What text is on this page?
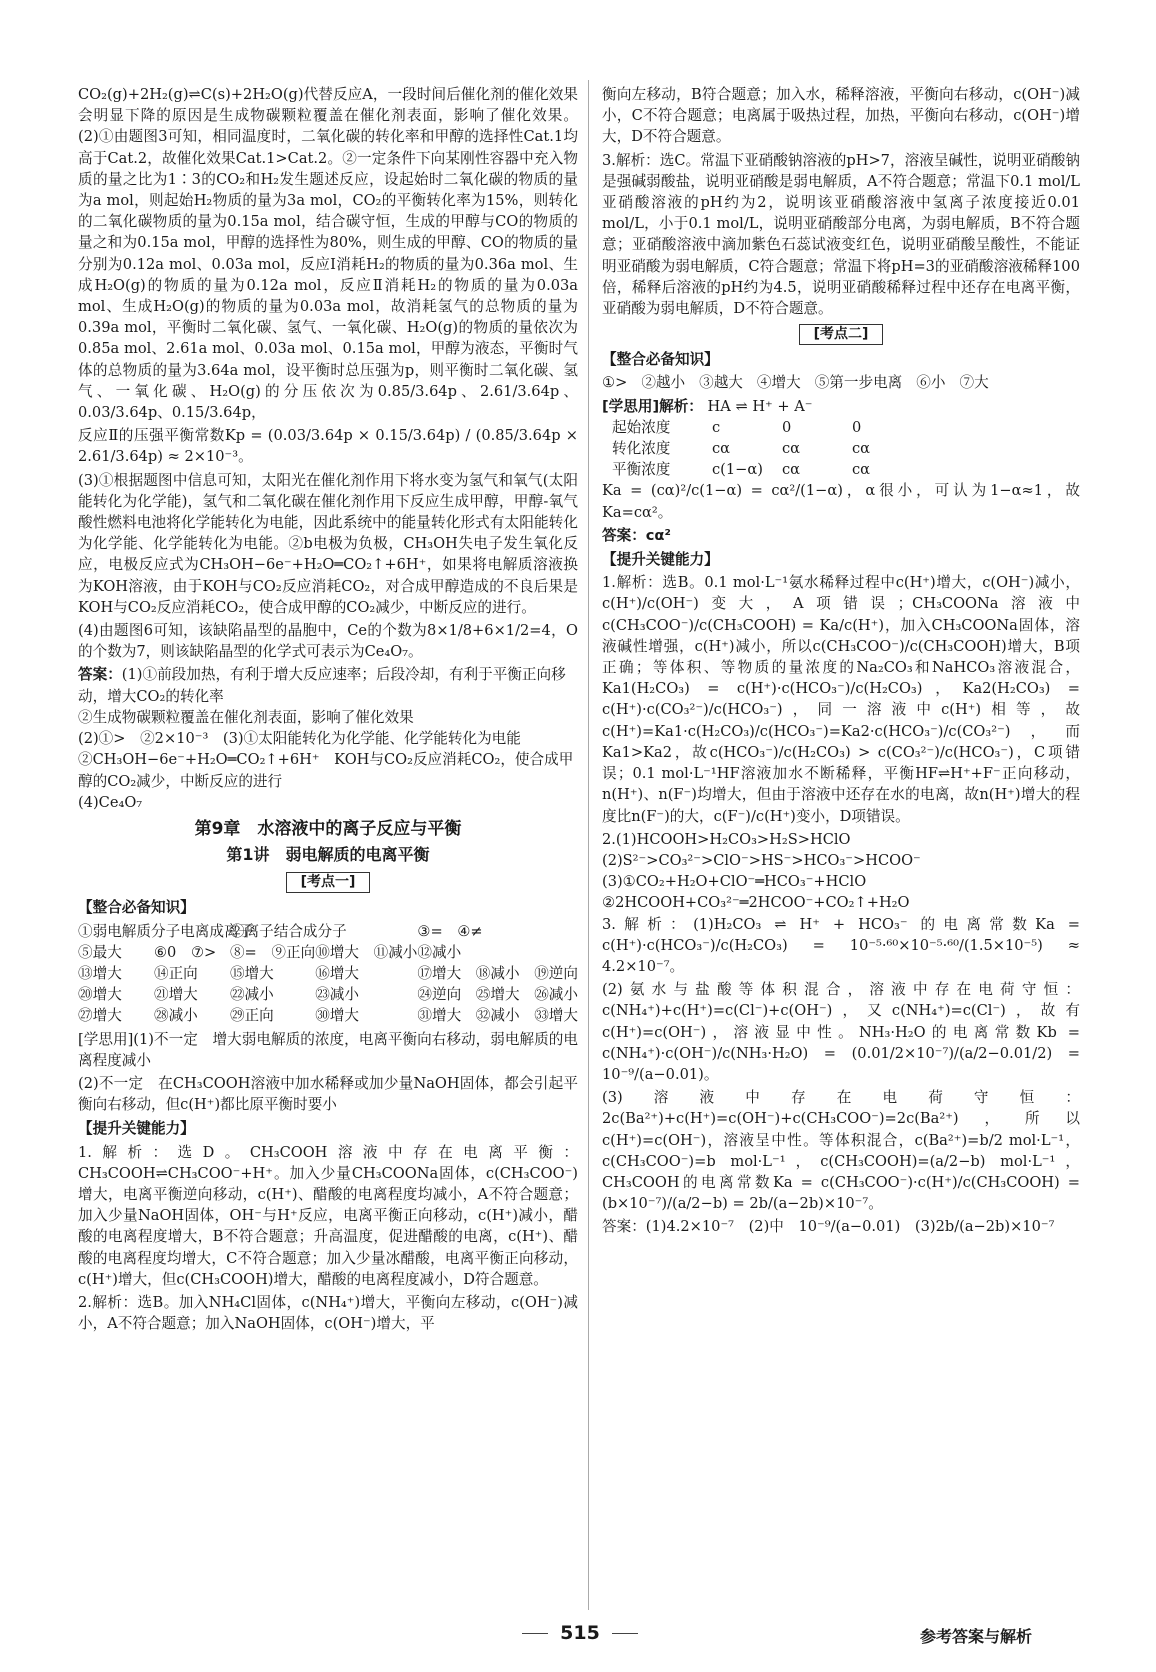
CO₂(g)+2H₂(g)⇌C(s)+2H₂O(g)代替反应A，一段时间后催化剂的催化效果会明显下降的原因是生成物碳颗粒覆盖在催化剂表面，影响了催化效果。(2)①由题图3可知，相同温度时，二氧化碳的转化率和甲醇的选择性Cat.1均高于Cat.2，故催化效果Cat.1>Cat.2。②一定条件下向某刚性容器中充入物质的量之比为1∶3的CO₂和H₂发生题述反应，设起始时二氧化碳的物质的量为a mol，则起始H₂物质的量为3a mol，CO₂的平衡转化率为15%，则转化的二氧化碳物质的量为0.15a mol，结合碳守恒，生成的甲醇与CO的物质的量之和为0.15a mol，甲醇的选择性为80%，则生成的甲醇、CO的物质的量分别为0.12a mol、0.03a mol，反应Ⅰ消耗H₂的物质的量为0.36a mol、生成H₂O(g)的物质的量为0.12a mol，反应Ⅱ消耗H₂的物质的量为0.03a mol、生成H₂O(g)的物质的量为0.03a mol，故消耗氢气的总物质的量为0.39a mol，平衡时二氧化碳、氢气、一氧化碳、H₂O(g)的物质的量依次为0.85a mol、2.61a mol、0.03a mol、0.15a mol，甲醇为液态，平衡时气体的总物质的量为3.64a mol，设平衡时总压强为p，则平衡时二氧化碳、氢气、一氧化碳、H₂O(g)的分压依次为0.85/3.64p、2.61/3.64p、0.03/3.64p、0.15/3.64p，

反应Ⅱ的压强平衡常数Kp = (0.03/3.64p × 0.15/3.64p) / (0.85/3.64p × 2.61/3.64p) ≈ 2×10⁻³。

(3)①根据题图中信息可知，太阳光在催化剂作用下将水变为氢气和氧气(太阳能转化为化学能)，氢气和二氧化碳在催化剂作用下反应生成甲醇，甲醇-氧气酸性燃料电池将化学能转化为电能，因此系统中的能量转化形式有太阳能转化为化学能、化学能转化为电能。②b电极为负极，CH₃OH失电子发生氧化反应，电极反应式为CH₃OH−6e⁻+H₂O═CO₂↑+6H⁺，如果将电解质溶液换为KOH溶液，由于KOH与CO₂反应消耗CO₂，对合成甲醇造成的不良后果是KOH与CO₂反应消耗CO₂，使合成甲醇的CO₂减少，中断反应的进行。

(4)由题图6可知，该缺陷晶型的晶胞中，Ce的个数为8×1/8+6×1/2=4，O的个数为7，则该缺陷晶型的化学式可表示为Ce₄O₇。

答案：(1)①前段加热，有利于增大反应速率；后段冷却，有利于平衡正向移动，增大CO₂的转化率
②生成物碳颗粒覆盖在催化剂表面，影响了催化效果
(2)①>　②2×10⁻³　(3)①太阳能转化为化学能、化学能转化为电能　②CH₃OH−6e⁻+H₂O═CO₂↑+6H⁺　KOH与CO₂反应消耗CO₂，使合成甲醇的CO₂减少，中断反应的进行
(4)Ce₄O₇
第9章　水溶液中的离子反应与平衡
第1讲　弱电解质的电离平衡
[考点一]
【整合必备知识】
①弱电解质分子电离成离子
②离子结合成分子	③=　 ④≠
⑤最大	⑥0　 ⑦> ⑧=　 ⑨正向 ⑩增大　 ⑪减小 ⑫减小
⑬增大	⑭正向	⑮增大	⑯增大	⑰增大　 ⑱减小　 ⑲逆向
⑳增大	㉑增大	㉒减小	㉓减小	㉔逆向　 ㉕增大　 ㉖减小
㉗增大	㉘减小	㉙正向	㉚增大	㉛增大　 ㉜减小　 ㉝增大

[学思用](1)不一定　增大弱电解质的浓度，电离平衡向右移动，弱电解质的电离程度减小

(2)不一定　在CH₃COOH溶液中加水稀释或加少量NaOH固体，都会引起平衡向右移动，但c(H⁺)都比原平衡时要小

【提升关键能力】

1.解析：选D。CH₃COOH溶液中存在电离平衡：CH₃COOH⇌CH₃COO⁻+H⁺。加入少量CH₃COONa固体，c(CH₃COO⁻)增大，电离平衡逆向移动，c(H⁺)、醋酸的电离程度均减小，A不符合题意；加入少量NaOH固体，OH⁻与H⁺反应，电离平衡正向移动，c(H⁺)减小，醋酸的电离程度增大，B不符合题意；升高温度，促进醋酸的电离，c(H⁺)、醋酸的电离程度均增大，C不符合题意；加入少量冰醋酸，电离平衡正向移动，c(H⁺)增大，但c(CH₃COOH)增大，醋酸的电离程度减小，D符合题意。

2.解析：选B。加入NH₄Cl固体，c(NH₄⁺)增大，平衡向左移动，c(OH⁻)减小，A不符合题意；加入NaOH固体，c(OH⁻)增大，平

衡向左移动，B符合题意；加入水，稀释溶液，平衡向右移动，c(OH⁻)减小，C不符合题意；电离属于吸热过程，加热，平衡向右移动，c(OH⁻)增大，D不符合题意。

3.解析：选C。常温下亚硝酸钠溶液的pH>7，溶液呈碱性，说明亚硝酸钠是强碱弱酸盐，说明亚硝酸是弱电解质，A不符合题意；常温下0.1 mol/L亚硝酸溶液的pH约为2，说明该亚硝酸溶液中氢离子浓度接近0.01 mol/L，小于0.1 mol/L，说明亚硝酸部分电离，为弱电解质，B不符合题意；亚硝酸溶液中滴加紫色石蕊试液变红色，说明亚硝酸呈酸性，不能证明亚硝酸为弱电解质，C符合题意；常温下将pH=3的亚硝酸溶液稀释100倍，稀释后溶液的pH约为4.5，说明亚硝酸稀释过程中还存在电离平衡，亚硝酸为弱电解质，D不符合题意。

[考点二]
【整合必备知识】
①> ②越小 ③越大 ④增大 ⑤第一步电离 ⑥小 ⑦大
[学思用]解析： HA ⇌ H⁺ + A⁻
起始浓度	c	0	0
转化浓度	cα	cα	cα
平衡浓度	c(1−α)	cα	cα

Ka = (cα)²/c(1−α) = cα²/(1−α)，α很小，可认为1−α≈1，故Ka=cα²。

答案：cα²

【提升关键能力】

1.解析：选B。0.1 mol·L⁻¹氨水稀释过程中c(H⁺)增大，c(OH⁻)减小，c(H⁺)/c(OH⁻)变大，A项错误；CH₃COONa溶液中c(CH₃COO⁻)/c(CH₃COOH) = Ka/c(H⁺)，加入CH₃COONa固体，溶液碱性增强，c(H⁺)减小，所以c(CH₃COO⁻)/c(CH₃COOH)增大，B项正确；等体积、等物质的量浓度的Na₂CO₃和NaHCO₃溶液混合，Ka1(H₂CO₃) = c(H⁺)·c(HCO₃⁻)/c(H₂CO₃)，Ka2(H₂CO₃) = c(H⁺)·c(CO₃²⁻)/c(HCO₃⁻)，同一溶液中c(H⁺)相等，故c(H⁺)=Ka1·c(H₂CO₃)/c(HCO₃⁻)=Ka2·c(HCO₃⁻)/c(CO₃²⁻)，而Ka1>Ka2，故c(HCO₃⁻)/c(H₂CO₃) > c(CO₃²⁻)/c(HCO₃⁻)，C项错误；0.1 mol·L⁻¹HF溶液加水不断稀释，平衡HF⇌H⁺+F⁻正向移动，n(H⁺)、n(F⁻)均增大，但由于溶液中还存在水的电离，故n(H⁺)增大的程度比n(F⁻)的大，c(F⁻)/c(H⁺)变小，D项错误。

2.(1)HCOOH>H₂CO₃>H₂S>HClO
(2)S²⁻>CO₃²⁻>ClO⁻>HS⁻>HCO₃⁻>HCOO⁻
(3)①CO₂+H₂O+ClO⁻═HCO₃⁻+HClO
②2HCOOH+CO₃²⁻═2HCOO⁻+CO₂↑+H₂O

3.解析：(1)H₂CO₃ ⇌ H⁺ + HCO₃⁻ 的电离常数Ka = c(H⁺)·c(HCO₃⁻)/c(H₂CO₃) = 10⁻⁵·⁶⁰×10⁻⁵·⁶⁰/(1.5×10⁻⁵) ≈ 4.2×10⁻⁷。

(2)氨水与盐酸等体积混合，溶液中存在电荷守恒：c(NH₄⁺)+c(H⁺)=c(Cl⁻)+c(OH⁻)，又c(NH₄⁺)=c(Cl⁻)，故有c(H⁺)=c(OH⁻)，溶液显中性。NH₃·H₂O的电离常数Kb = c(NH₄⁺)·c(OH⁻)/c(NH₃·H₂O) = (0.01/2×10⁻⁷)/(a/2−0.01/2) = 10⁻⁹/(a−0.01)。

(3)溶液中存在电荷守恒：2c(Ba²⁺)+c(H⁺)=c(OH⁻)+c(CH₃COO⁻)=2c(Ba²⁺)，所以c(H⁺)=c(OH⁻)，溶液呈中性。等体积混合，c(Ba²⁺)=b/2 mol·L⁻¹，c(CH₃COO⁻)=b mol·L⁻¹，c(CH₃COOH)=(a/2−b) mol·L⁻¹，CH₃COOH的电离常数Ka = c(CH₃COO⁻)·c(H⁺)/c(CH₃COOH) = (b×10⁻⁷)/(a/2−b) = 2b/(a−2b)×10⁻⁷。

答案：(1)4.2×10⁻⁷　(2)中　10⁻⁹/(a−0.01)　(3)2b/(a−2b)×10⁻⁷

515	参考答案与解析
